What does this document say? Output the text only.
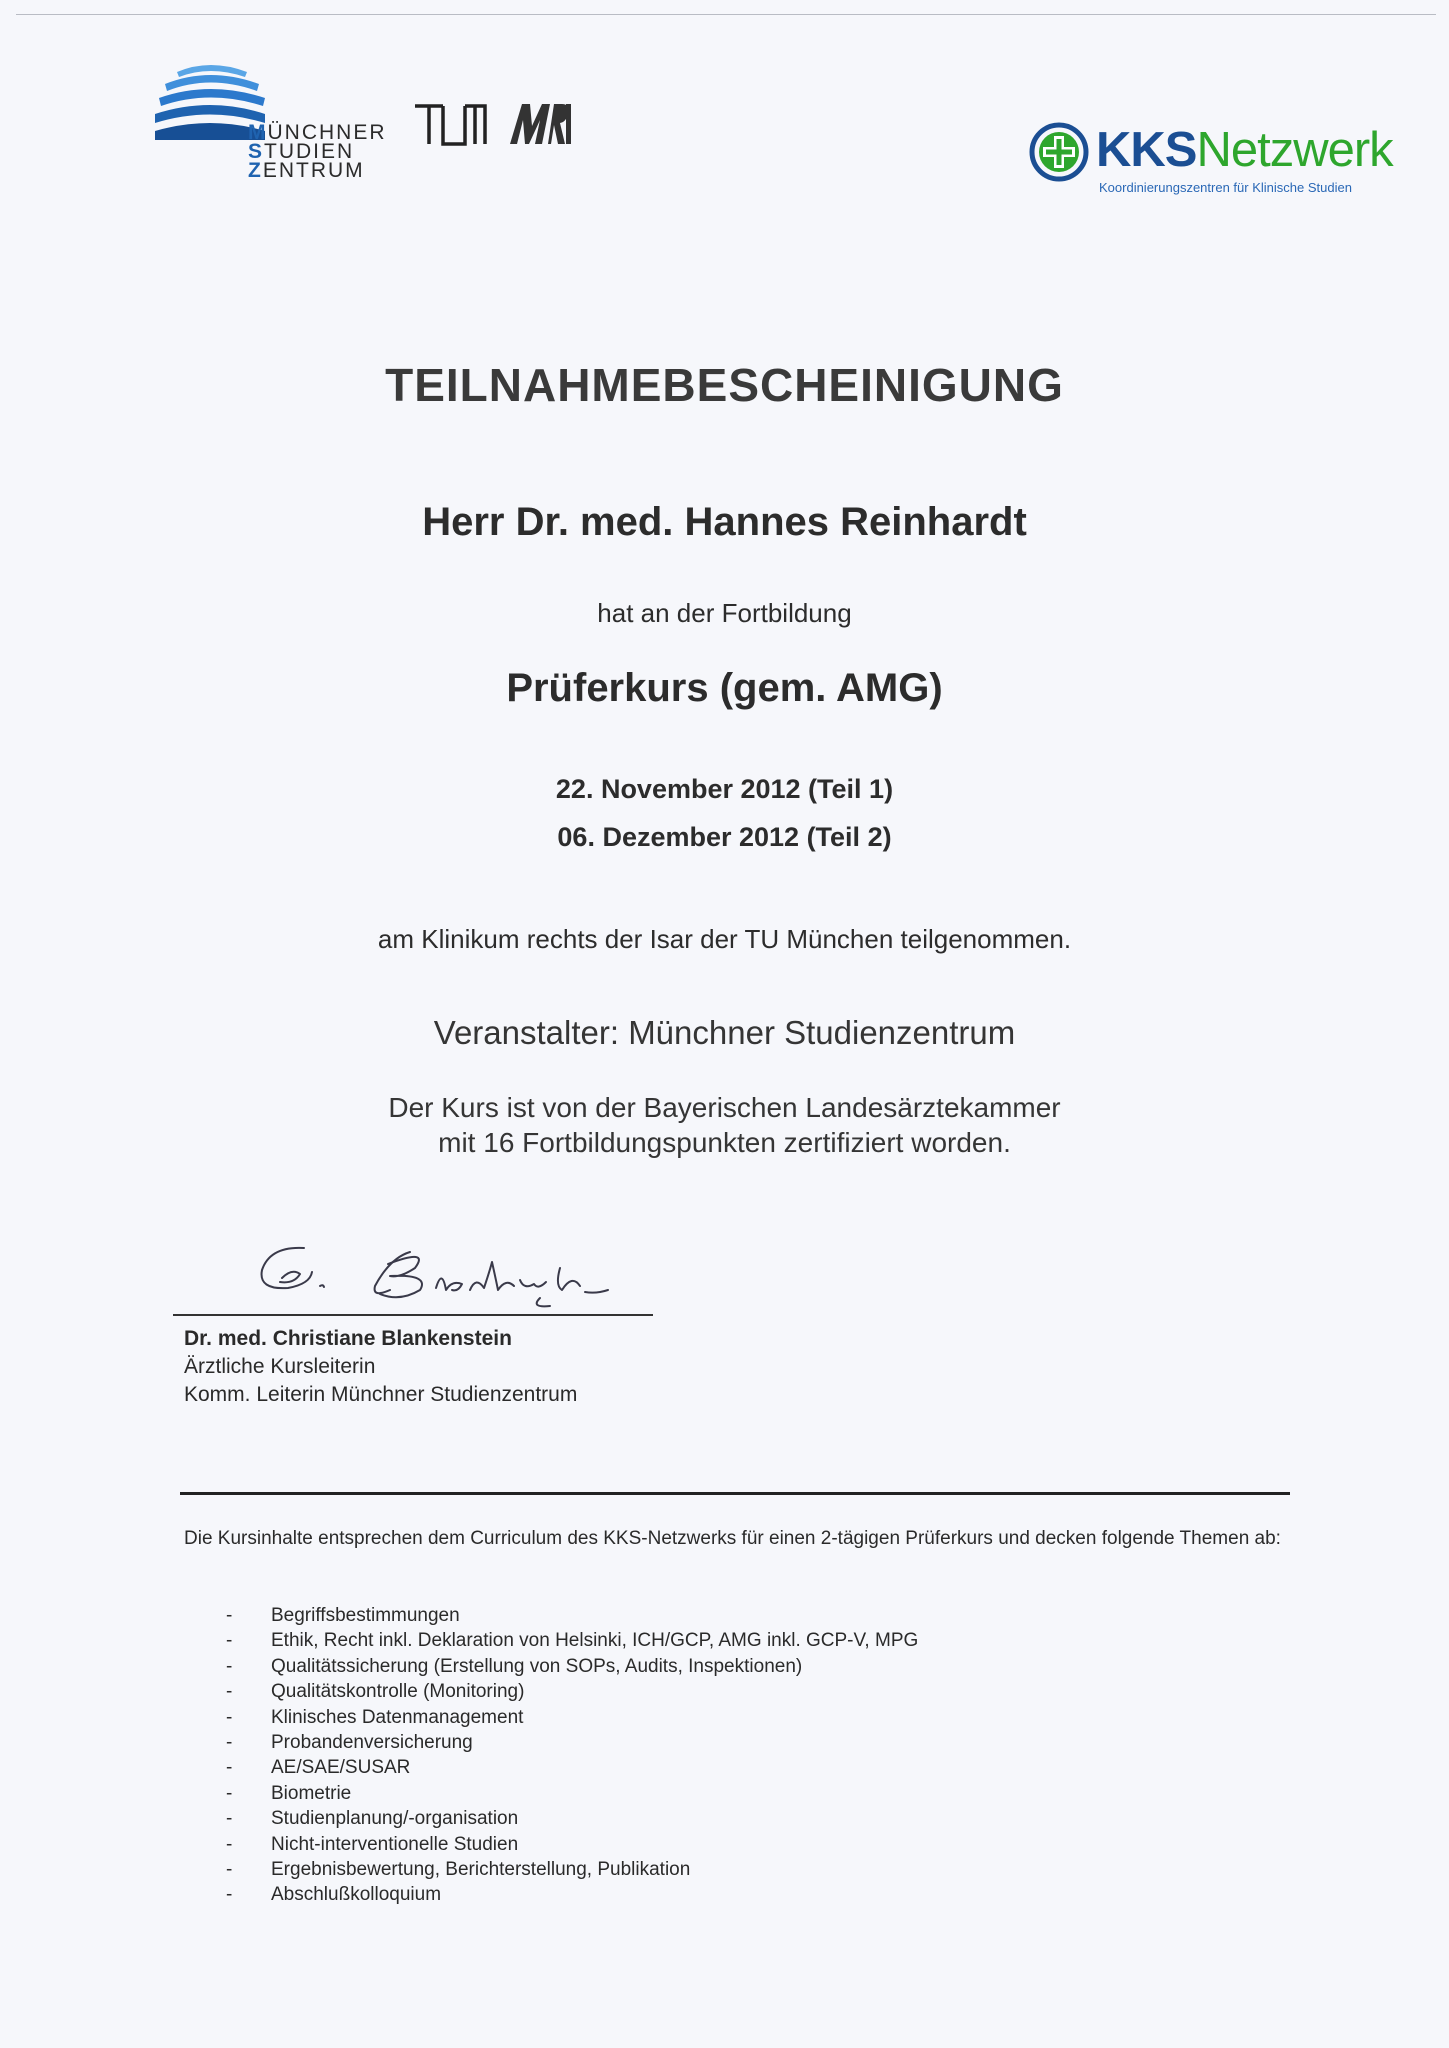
MÜNCHNER
STUDIEN
ZENTRUM	KKSNetzwerk
Koordinierungszentren für Klinische Studien
TEILNAHMEBESCHEINIGUNG
Herr Dr. med. Hannes Reinhardt
hat an der Fortbildung
Prüferkurs (gem. AMG)
22. November 2012 (Teil 1)
06. Dezember 2012 (Teil 2)
am Klinikum rechts der Isar der TU München teilgenommen.
Veranstalter: Münchner Studienzentrum
Der Kurs ist von der Bayerischen Landesärztekammer
mit 16 Fortbildungspunkten zertifiziert worden.
Dr. med. Christiane Blankenstein
Ärztliche Kursleiterin
Komm. Leiterin Münchner Studienzentrum
Die Kursinhalte entsprechen dem Curriculum des KKS-Netzwerks für einen 2-tägigen Prüferkurs und decken folgende Themen ab:
- Begriffsbestimmungen
- Ethik, Recht inkl. Deklaration von Helsinki, ICH/GCP, AMG inkl. GCP-V, MPG
- Qualitätssicherung (Erstellung von SOPs, Audits, Inspektionen)
- Qualitätskontrolle (Monitoring)
- Klinisches Datenmanagement
- Probandenversicherung
- AE/SAE/SUSAR
- Biometrie
- Studienplanung/-organisation
- Nicht-interventionelle Studien
- Ergebnisbewertung, Berichterstellung, Publikation
- Abschlußkolloquium
